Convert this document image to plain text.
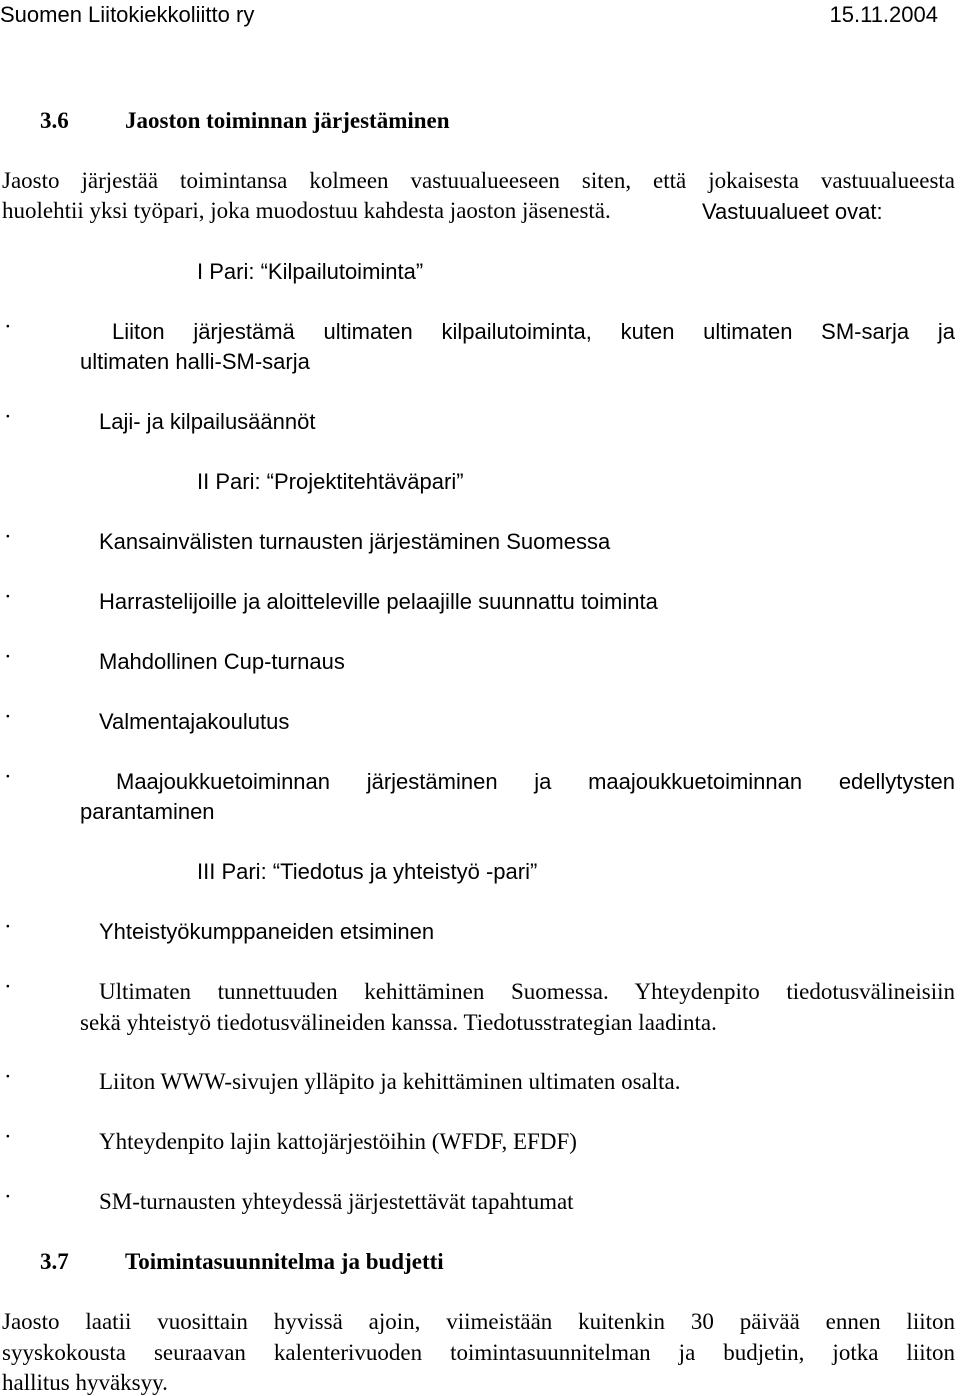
Suomen Liitokiekkoliitto ry	15.11.2004
3.6 Jaoston toiminnan järjestäminen
Jaosto järjestää toimintansa kolmeen vastuualueeseen siten, että jokaisesta vastuualueesta
huolehtii yksi työpari, joka muodostuu kahdesta jaoston jäsenestä.	Vastuualueet ovat:
I Pari: “Kilpailutoiminta”
·	Liiton järjestämä ultimaten kilpailutoiminta, kuten ultimaten SM-sarja ja
ultimaten halli-SM-sarja
·	Laji- ja kilpailusäännöt
II Pari: “Projektitehtäväpari”
·	Kansainvälisten turnausten järjestäminen Suomessa
·	Harrastelijoille ja aloitteleville pelaajille suunnattu toiminta
·	Mahdollinen Cup-turnaus
·	Valmentajakoulutus
·	Maajoukkuetoiminnan järjestäminen ja maajoukkuetoiminnan edellytysten
parantaminen
III Pari: “Tiedotus ja yhteistyö -pari”
·	Yhteistyökumppaneiden etsiminen
·	Ultimaten tunnettuuden kehittäminen Suomessa. Yhteydenpito tiedotusvälineisiin
sekä yhteistyö tiedotusvälineiden kanssa. Tiedotusstrategian laadinta.
·	Liiton WWW-sivujen ylläpito ja kehittäminen ultimaten osalta.
·	Yhteydenpito lajin kattojärjestöihin (WFDF, EFDF)
·	SM-turnausten yhteydessä järjestettävät tapahtumat
3.7 Toimintasuunnitelma ja budjetti
Jaosto laatii vuosittain hyvissä ajoin, viimeistään kuitenkin 30 päivää ennen liiton
syyskokousta seuraavan kalenterivuoden toimintasuunnitelman ja budjetin, jotka liiton
hallitus hyväksyy.
